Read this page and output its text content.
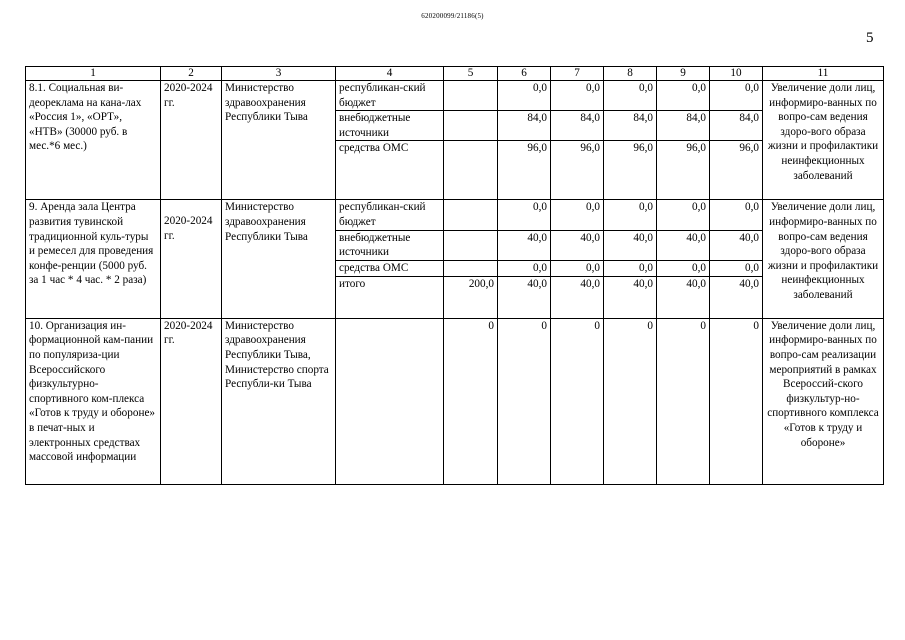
620200099/21186(5)
5
1	2	3	4	5	6	7	8	9	10	11
8.1. Социальная ви-деореклама на кана-лах «Россия 1», «ОРТ», «НТВ» (30000 руб. в мес.*6 мес.)	2020-2024 гг.	Министерство здравоохранения Республики Тыва	республикан-ский бюджет		0,0	0,0	0,0	0,0	0,0	Увеличение доли лиц, информиро-ванных по вопро-сам ведения здоро-вого образа жизни и профилактики неинфекционных заболеваний
			внебюджетные источники		84,0	84,0	84,0	84,0	84,0	
			средства ОМС		96,0	96,0	96,0	96,0	96,0	
9. Аренда зала Центра развития тувинской традиционной куль-туры и ремесел для проведения конфе-ренции (5000 руб. за 1 час * 4 час. * 2 раза)	2020-2024 гг.	Министерство здравоохранения Республики Тыва	республикан-ский бюджет		0,0	0,0	0,0	0,0	0,0	Увеличение доли лиц, информиро-ванных по вопро-сам ведения здоро-вого образа жизни и профилактики неинфекционных заболеваний
			внебюджетные источники		40,0	40,0	40,0	40,0	40,0	
			средства ОМС		0,0	0,0	0,0	0,0	0,0	
			итого	200,0	40,0	40,0	40,0	40,0	40,0	
10. Организация ин-формационной кам-пании по популяриза-ции Всероссийского физкультурно-спортивного ком-плекса «Готов к труду и обороне» в печат-ных и электронных средствах массовой информации	2020-2024 гг.	Министерство здравоохранения Республики Тыва, Министерство спорта Республи-ки Тыва		0	0	0	0	0	0	Увеличение доли лиц, информиро-ванных по вопро-сам реализации мероприятий в рамках Всероссий-ского физкультур-но-спортивного комплекса «Готов к труду и обороне»
